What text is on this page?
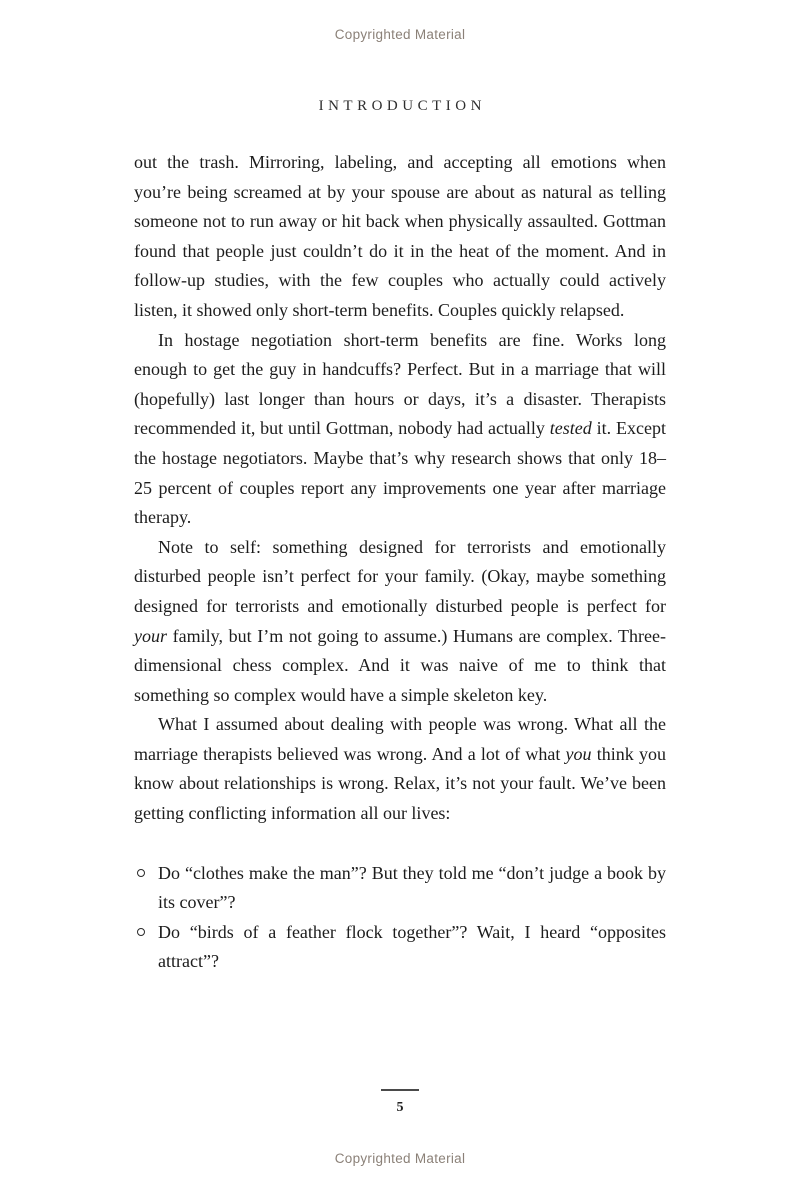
Copyrighted Material
INTRODUCTION

out the trash. Mirroring, labeling, and accepting all emotions when you’re being screamed at by your spouse are about as natural as telling someone not to run away or hit back when physically assaulted. Gottman found that people just couldn’t do it in the heat of the moment. And in follow-up studies, with the few couples who actually could actively listen, it showed only short-term benefits. Couples quickly relapsed.

In hostage negotiation short-term benefits are fine. Works long enough to get the guy in handcuffs? Perfect. But in a marriage that will (hopefully) last longer than hours or days, it’s a disaster. Therapists recommended it, but until Gottman, nobody had actually tested it. Except the hostage negotiators. Maybe that’s why research shows that only 18–25 percent of couples report any improvements one year after marriage therapy.

Note to self: something designed for terrorists and emotionally disturbed people isn’t perfect for your family. (Okay, maybe something designed for terrorists and emotionally disturbed people is perfect for your family, but I’m not going to assume.) Humans are complex. Three-dimensional chess complex. And it was naive of me to think that something so complex would have a simple skeleton key.

What I assumed about dealing with people was wrong. What all the marriage therapists believed was wrong. And a lot of what you think you know about relationships is wrong. Relax, it’s not your fault. We’ve been getting conflicting information all our lives:

Do “clothes make the man”? But they told me “don’t judge a book by its cover”?
Do “birds of a feather flock together”? Wait, I heard “opposites attract”?
5
Copyrighted Material
